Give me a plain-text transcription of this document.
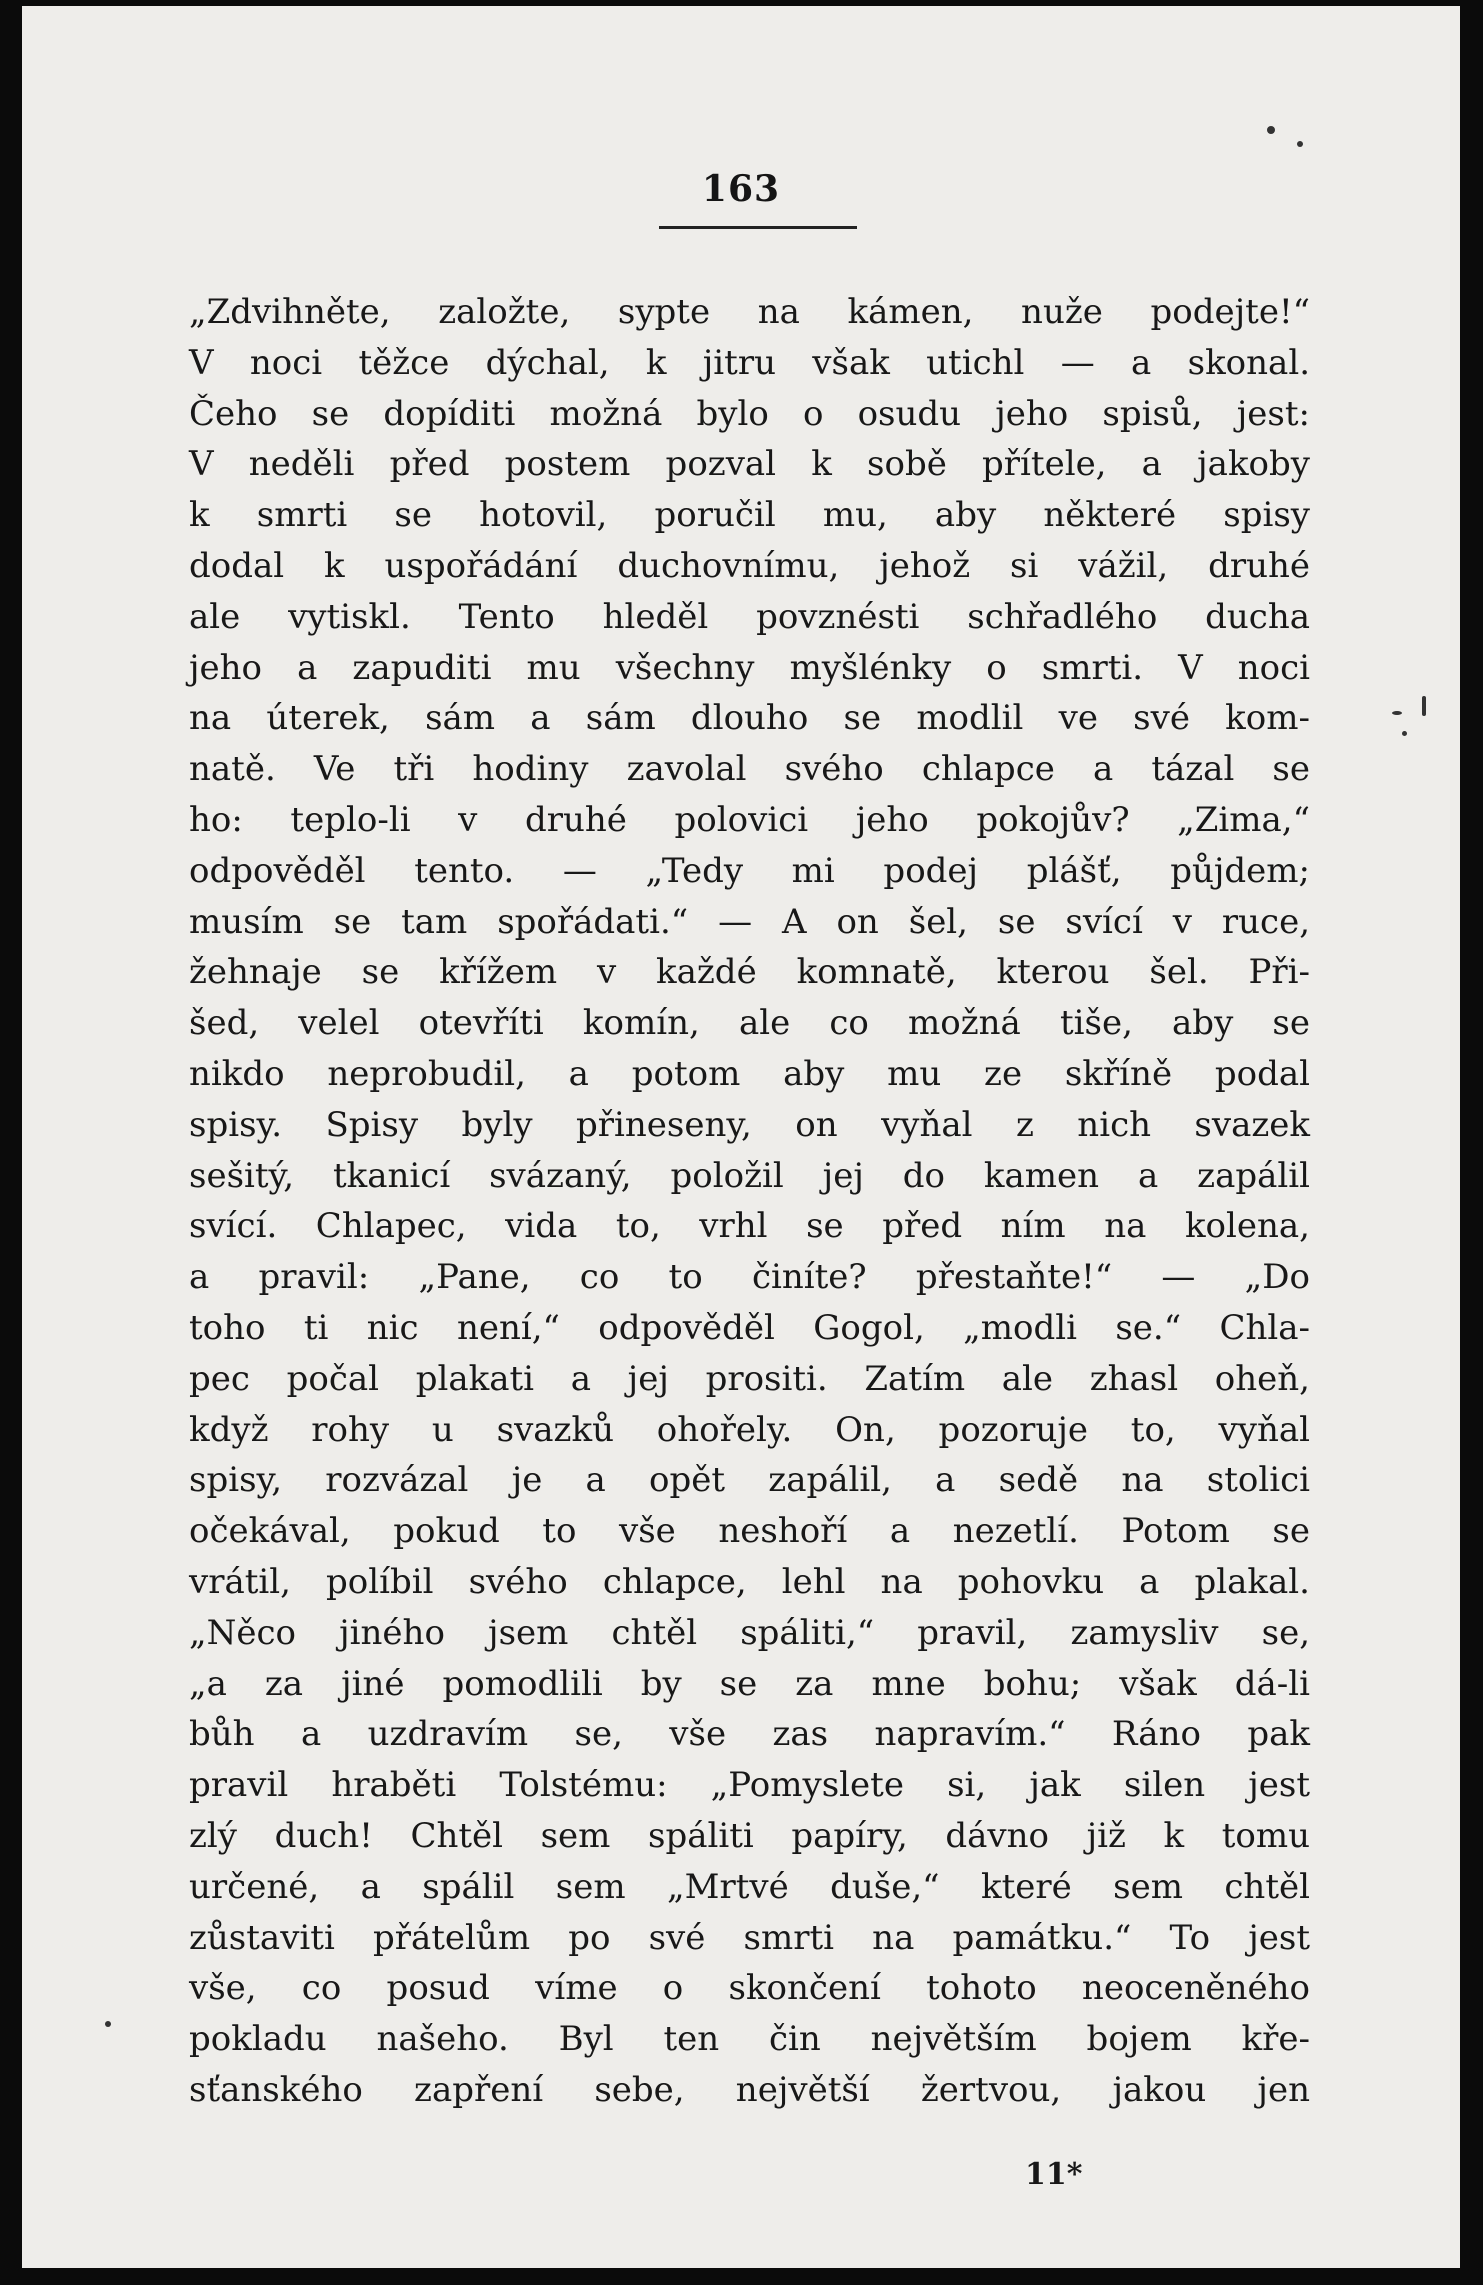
163
„Zdvihněte, založte, sypte na kámen, nuže podejte!“
V noci těžce dýchal, k jitru však utichl — a skonal.
Čeho se dopíditi možná bylo o osudu jeho spisů, jest:
V neděli před postem pozval k sobě přítele, a jakoby
k smrti se hotovil, poručil mu, aby některé spisy
dodal k uspořádání duchovnímu, jehož si vážil, druhé
ale vytiskl. Tento hleděl povznésti schřadlého ducha
jeho a zapuditi mu všechny myšlénky o smrti. V noci
na úterek, sám a sám dlouho se modlil ve své kom-
natě. Ve tři hodiny zavolal svého chlapce a tázal se
ho: teplo-li v druhé polovici jeho pokojův? „Zima,“
odpověděl tento. — „Tedy mi podej plášť, půjdem;
musím se tam spořádati.“ — A on šel, se svící v ruce,
žehnaje se křížem v každé komnatě, kterou šel. Při-
šed, velel otevříti komín, ale co možná tiše, aby se
nikdo neprobudil, a potom aby mu ze skříně podal
spisy. Spisy byly přineseny, on vyňal z nich svazek
sešitý, tkanicí svázaný, položil jej do kamen a zapálil
svící. Chlapec, vida to, vrhl se před ním na kolena,
a pravil: „Pane, co to činíte? přestaňte!“ — „Do
toho ti nic není,“ odpověděl Gogol, „modli se.“ Chla-
pec počal plakati a jej prositi. Zatím ale zhasl oheň,
když rohy u svazků ohořely. On, pozoruje to, vyňal
spisy, rozvázal je a opět zapálil, a sedě na stolici
očekával, pokud to vše neshoří a nezetlí. Potom se
vrátil, políbil svého chlapce, lehl na pohovku a plakal.
„Něco jiného jsem chtěl spáliti,“ pravil, zamysliv se,
„a za jiné pomodlili by se za mne bohu; však dá-li
bůh a uzdravím se, vše zas napravím.“ Ráno pak
pravil hraběti Tolstému: „Pomyslete si, jak silen jest
zlý duch! Chtěl sem spáliti papíry, dávno již k tomu
určené, a spálil sem „Mrtvé duše,“ které sem chtěl
zůstaviti přátelům po své smrti na památku.“ To jest
vše, co posud víme o skončení tohoto neoceněného
pokladu našeho. Byl ten čin největším bojem kře-
sťanského zapření sebe, největší žertvou, jakou jen
11*
